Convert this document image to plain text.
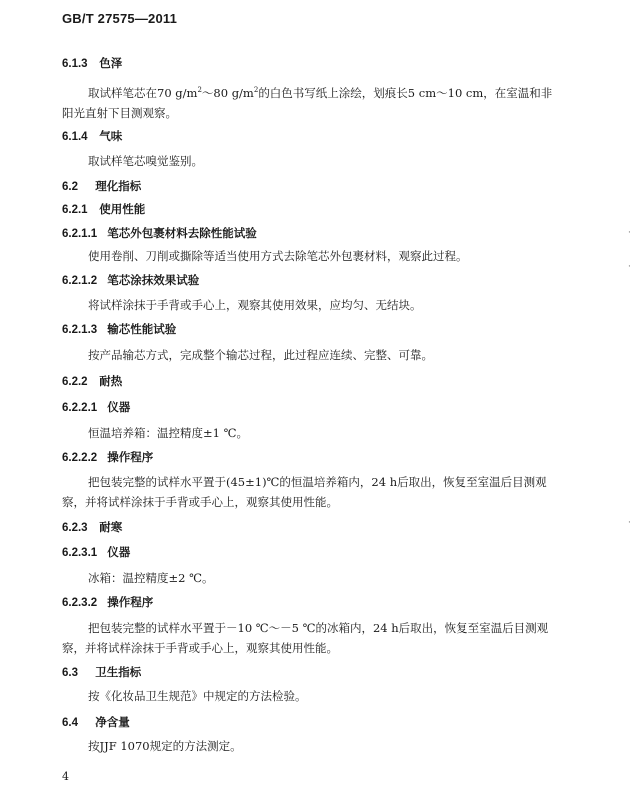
GB/T 27575—2011
6.1.3 色泽
取试样笔芯在70 $g/m^2\sim 80$ $g/m^2$的白色书写纸上涂绘，划痕长5 cm～10 cm，在室温和非阳光直射下目测观察。
6.1.4 气味
取试样笔芯嗅觉鉴别。
6.2 理化指标
6.2.1 使用性能
6.2.1.1 笔芯外包裹材料去除性能试验
使用卷削、刀削或撕除等适当使用方式去除笔芯外包裹材料，观察此过程。
6.2.1.2 笔芯涂抹效果试验
将试样涂抹于手背或手心上，观察其使用效果，应均匀、无结块。
6.2.1.3 输芯性能试验
按产品输芯方式，完成整个输芯过程，此过程应连续、完整、可靠。
6.2.2 耐热
6.2.2.1 仪器
恒温培养箱：温控精度±1 ℃。
6.2.2.2 操作程序
把包装完整的试样水平置于(45±1)℃的恒温培养箱内，24 h后取出，恢复至室温后目测观察，并将试样涂抹于手背或手心上，观察其使用性能。
6.2.3 耐寒
6.2.3.1 仪器
冰箱：温控精度±2 ℃。
6.2.3.2 操作程序
把包装完整的试样水平置于－10 ℃～－5 ℃的冰箱内，24 h后取出，恢复至室温后目测观察，并将试样涂抹于手背或手心上，观察其使用性能。
6.3 卫生指标
按《化妆品卫生规范》中规定的方法检验。
6.4 净含量
按JJF 1070规定的方法测定。
·
·
·
4
